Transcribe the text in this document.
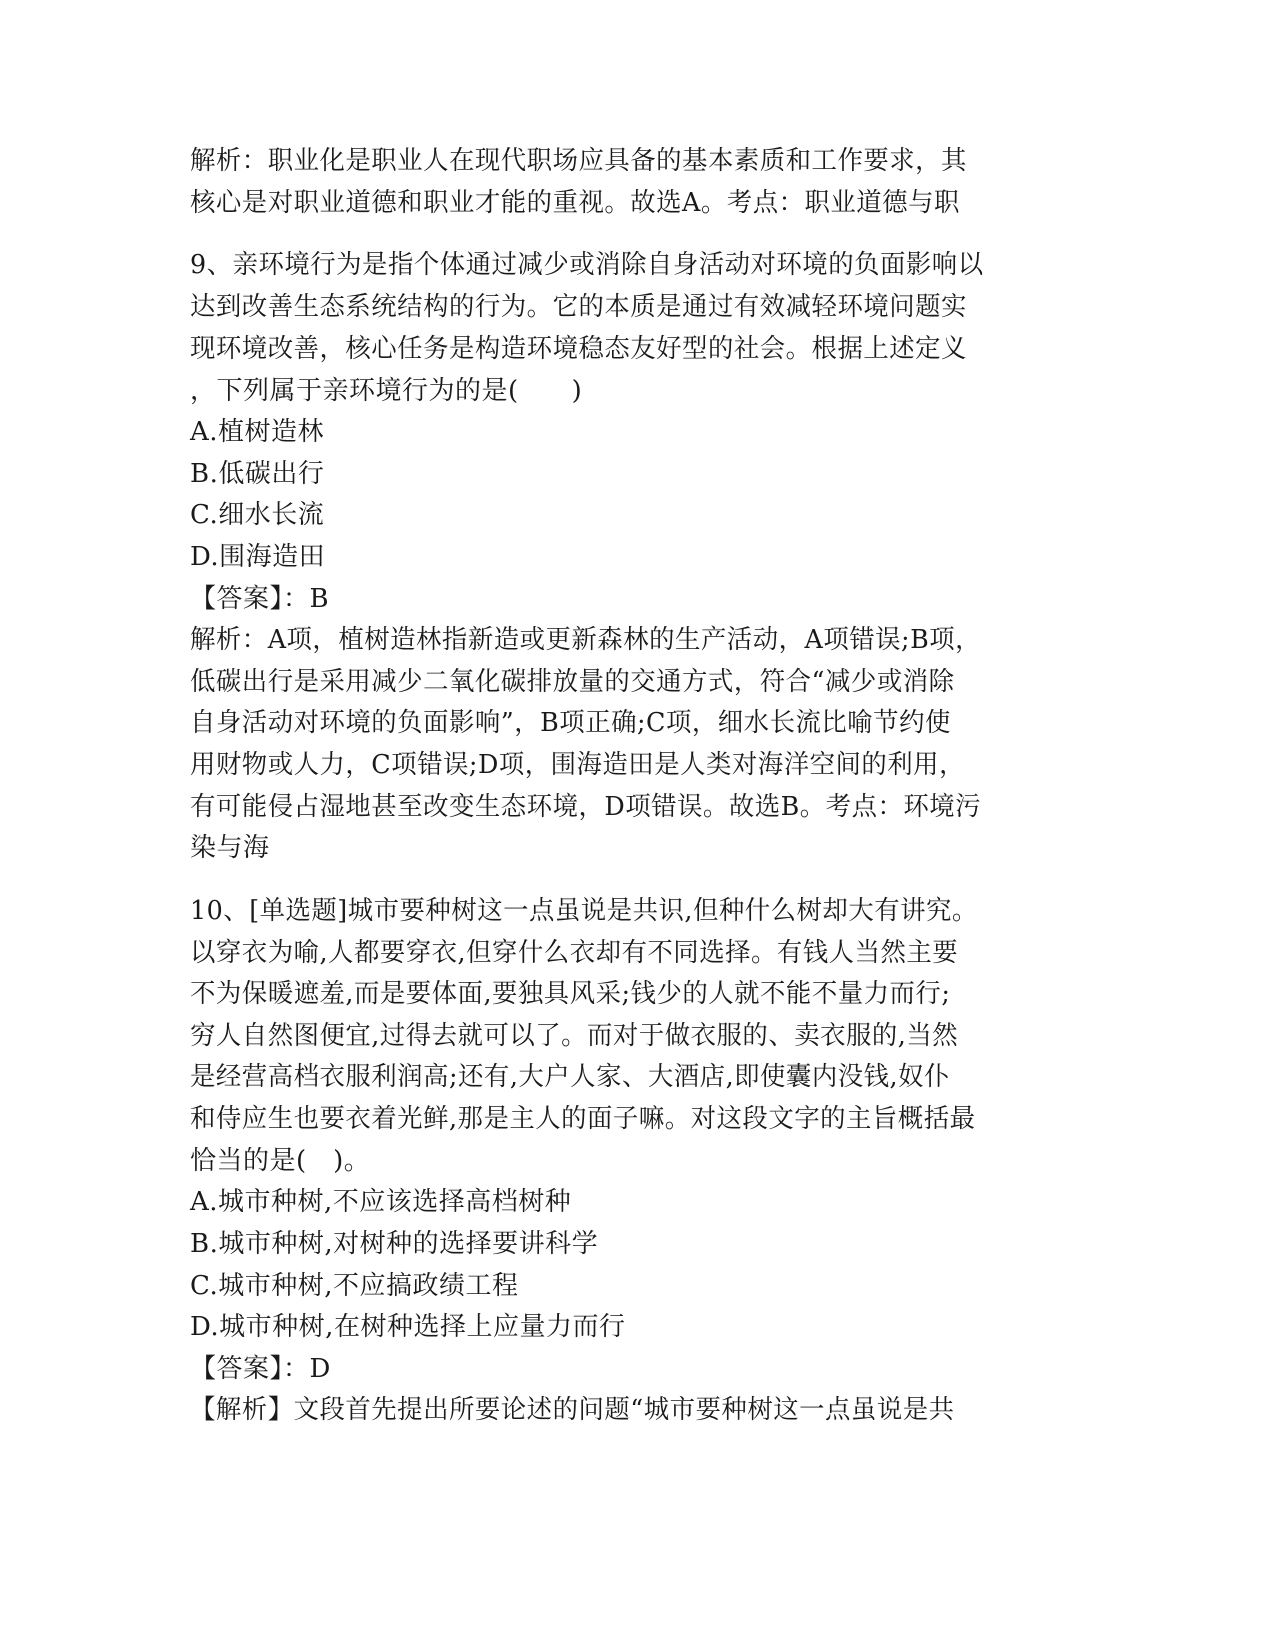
解析：职业化是职业人在现代职场应具备的基本素质和工作要求，其
核心是对职业道德和职业才能的重视。故选A。考点：职业道德与职
9、亲环境行为是指个体通过减少或消除自身活动对环境的负面影响以
达到改善生态系统结构的行为。它的本质是通过有效减轻环境问题实
现环境改善，核心任务是构造环境稳态友好型的社会。根据上述定义
，下列属于亲环境行为的是(　　)
A.植树造林
B.低碳出行
C.细水长流
D.围海造田
【答案】：B
解析：A项，植树造林指新造或更新森林的生产活动，A项错误;B项，
低碳出行是采用减少二氧化碳排放量的交通方式，符合“减少或消除
自身活动对环境的负面影响”，B项正确;C项，细水长流比喻节约使
用财物或人力，C项错误;D项，围海造田是人类对海洋空间的利用，
有可能侵占湿地甚至改变生态环境，D项错误。故选B。考点：环境污
染与海
10、[单选题]城市要种树这一点虽说是共识,但种什么树却大有讲究。
以穿衣为喻,人都要穿衣,但穿什么衣却有不同选择。有钱人当然主要
不为保暖遮羞,而是要体面,要独具风采;钱少的人就不能不量力而行;
穷人自然图便宜,过得去就可以了。而对于做衣服的、卖衣服的,当然
是经营高档衣服利润高;还有,大户人家、大酒店,即使囊内没钱,奴仆
和侍应生也要衣着光鲜,那是主人的面子嘛。对这段文字的主旨概括最
恰当的是(　)。
A.城市种树,不应该选择高档树种
B.城市种树,对树种的选择要讲科学
C.城市种树,不应搞政绩工程
D.城市种树,在树种选择上应量力而行
【答案】：D
【解析】文段首先提出所要论述的问题“城市要种树这一点虽说是共
